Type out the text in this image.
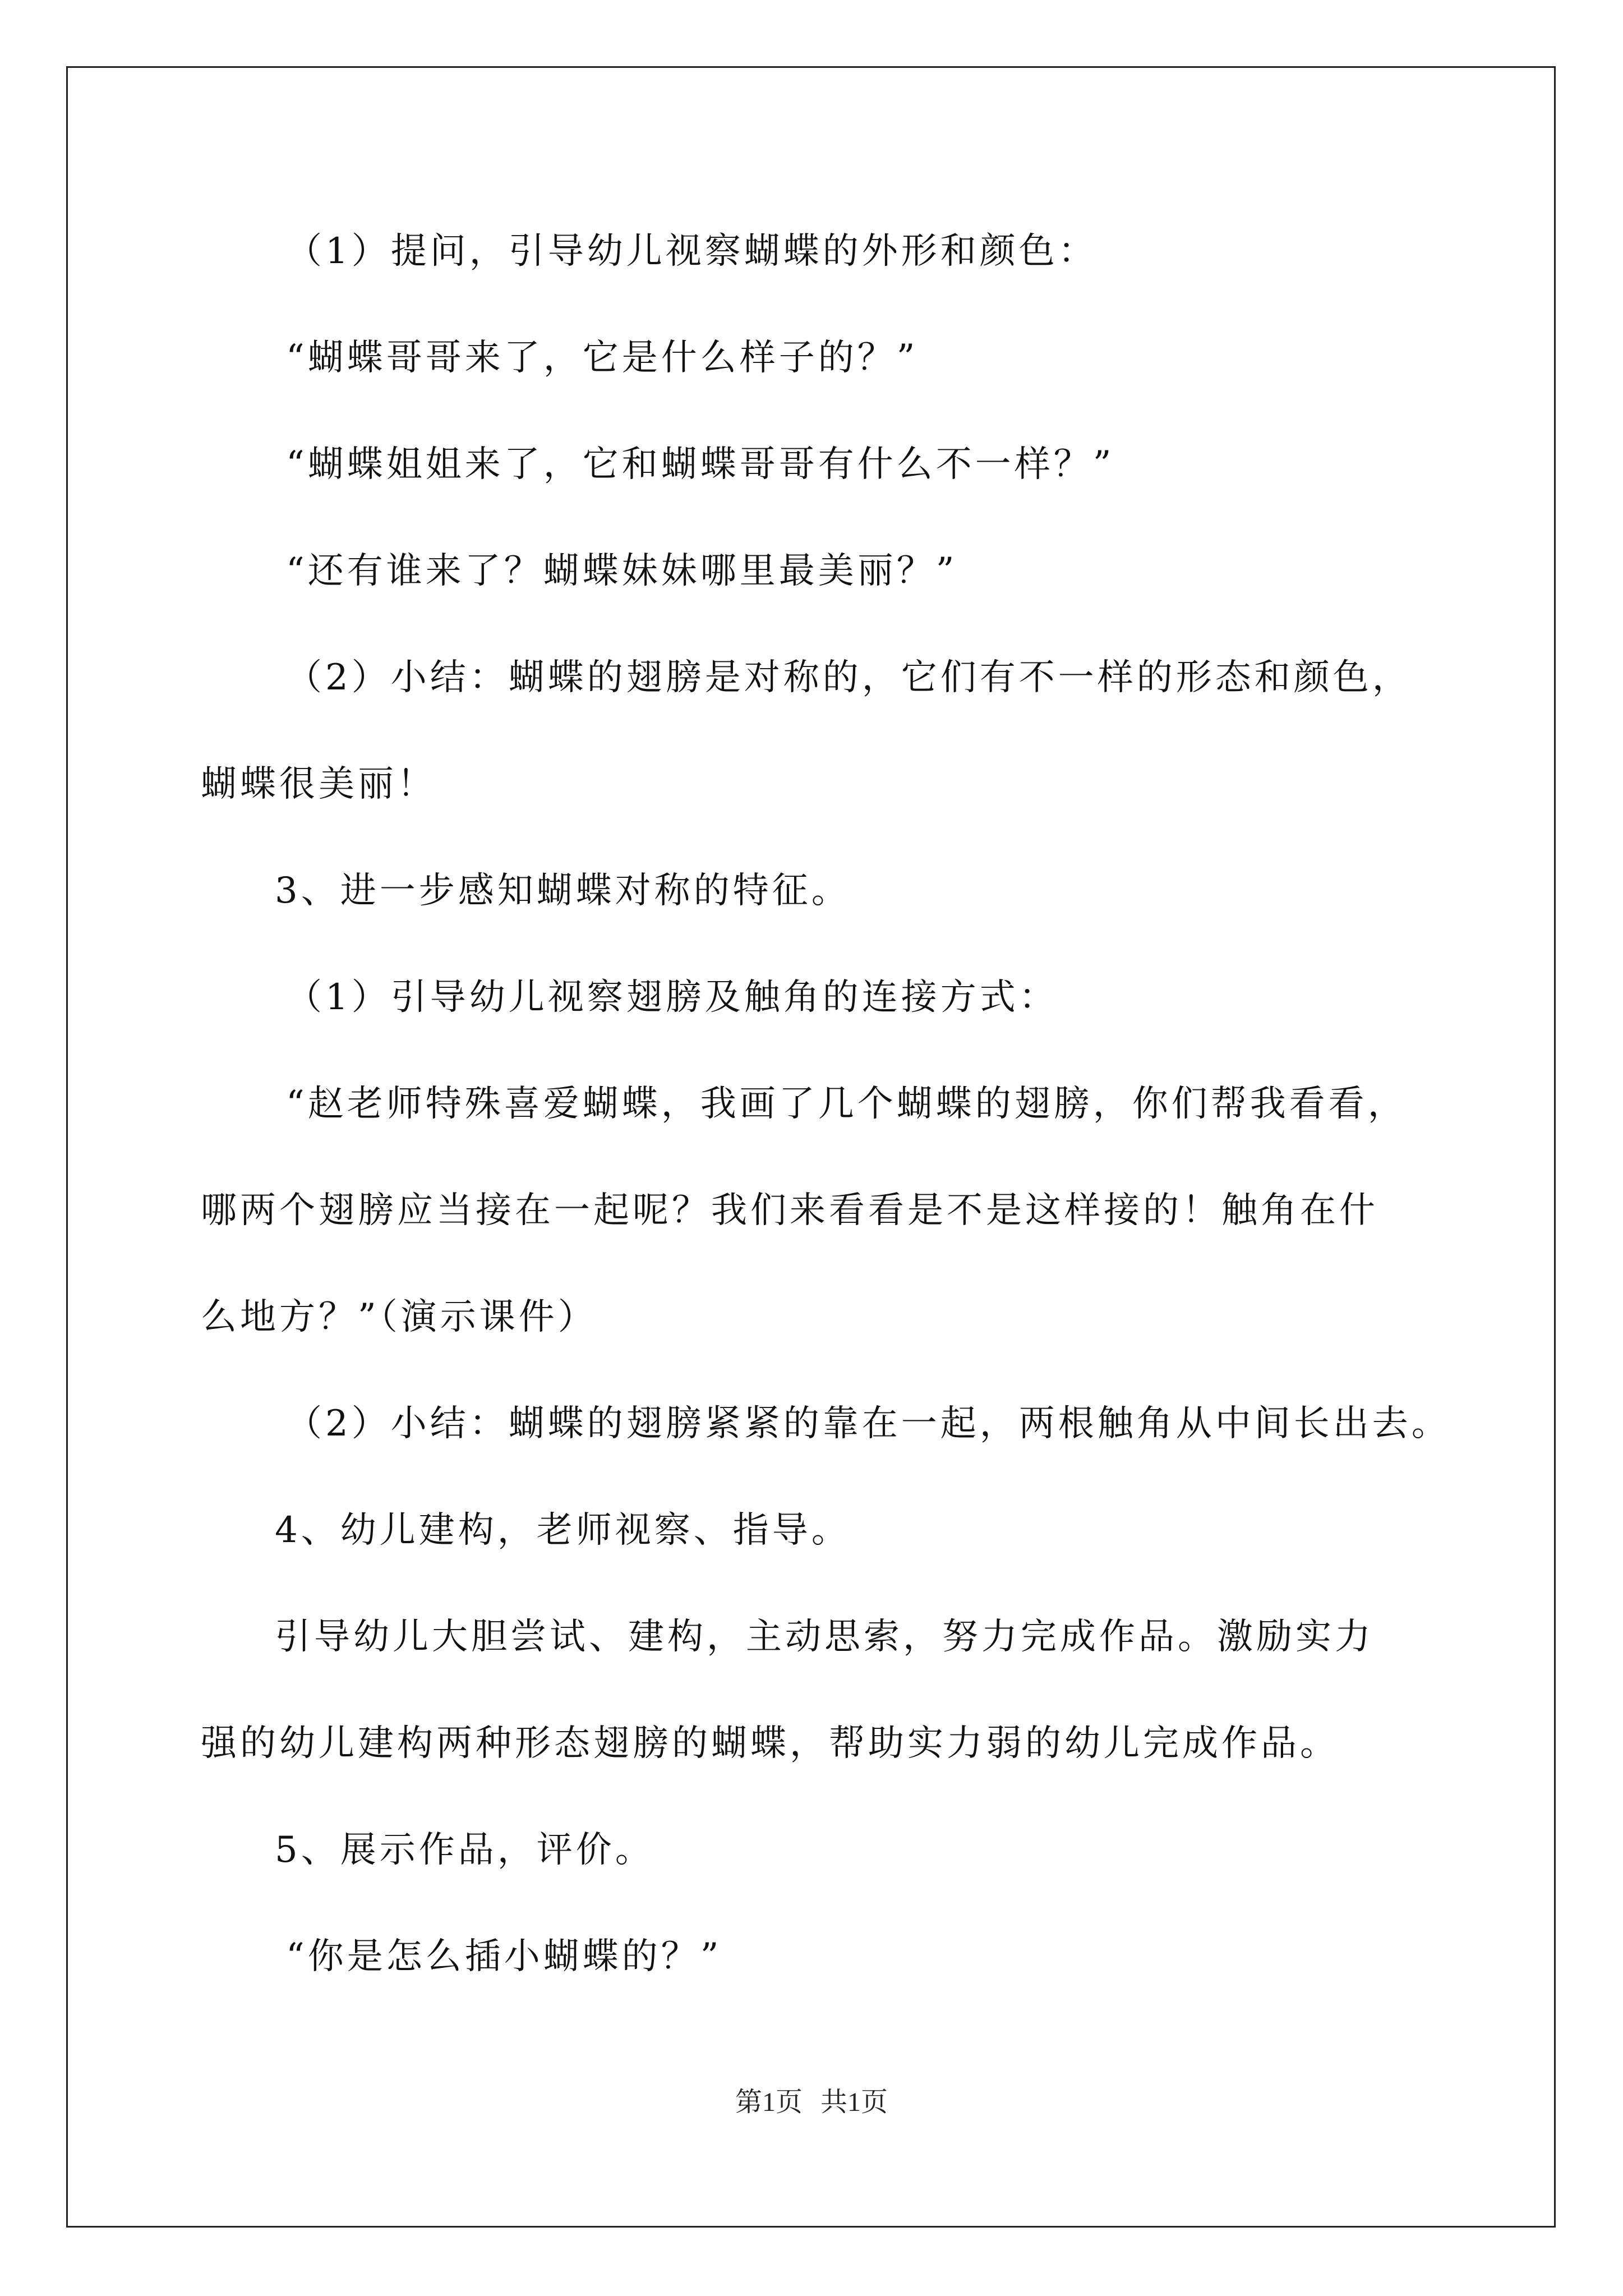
（1）提问，引导幼儿视察蝴蝶的外形和颜色：
“蝴蝶哥哥来了，它是什么样子的？”
“蝴蝶姐姐来了，它和蝴蝶哥哥有什么不一样？”
“还有谁来了？蝴蝶妹妹哪里最美丽？”
（2）小结：蝴蝶的翅膀是对称的，它们有不一样的形态和颜色，
蝴蝶很美丽！
3、进一步感知蝴蝶对称的特征。
（1）引导幼儿视察翅膀及触角的连接方式：
“赵老师特殊喜爱蝴蝶，我画了几个蝴蝶的翅膀，你们帮我看看，
哪两个翅膀应当接在一起呢？我们来看看是不是这样接的！触角在什
么地方？”（演示课件）
（2）小结：蝴蝶的翅膀紧紧的靠在一起，两根触角从中间长出去。
4、幼儿建构，老师视察、指导。
引导幼儿大胆尝试、建构，主动思索，努力完成作品。激励实力
强的幼儿建构两种形态翅膀的蝴蝶，帮助实力弱的幼儿完成作品。
5、展示作品，评价。
“你是怎么插小蝴蝶的？”
第1页 共1页
